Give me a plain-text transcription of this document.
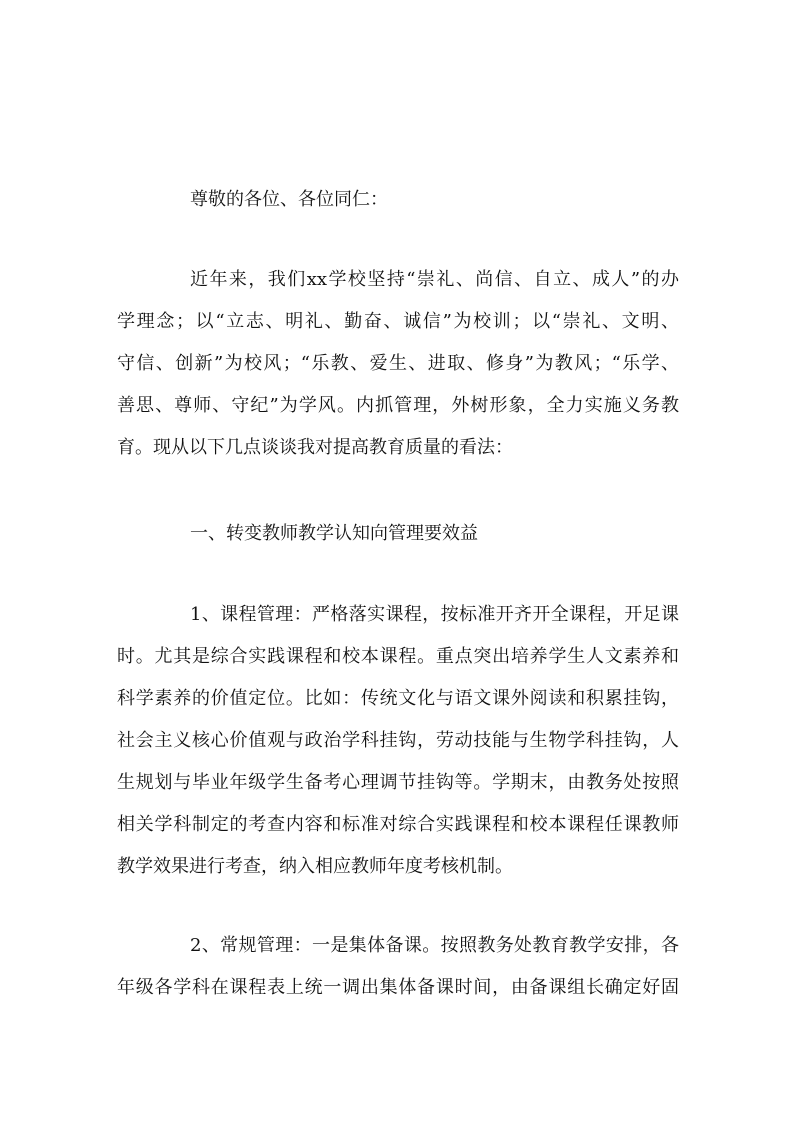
尊敬的各位、各位同仁：
近年来，我们xx学校坚持“崇礼、尚信、自立、成人”的办
学理念；以“立志、明礼、勤奋、诚信”为校训；以“崇礼、文明、
守信、创新”为校风；“乐教、爱生、进取、修身”为教风；“乐学、
善思、尊师、守纪”为学风。内抓管理，外树形象，全力实施义务教
育。现从以下几点谈谈我对提高教育质量的看法：
一、转变教师教学认知向管理要效益
1、课程管理：严格落实课程，按标准开齐开全课程，开足课
时。尤其是综合实践课程和校本课程。重点突出培养学生人文素养和
科学素养的价值定位。比如：传统文化与语文课外阅读和积累挂钩，
社会主义核心价值观与政治学科挂钩，劳动技能与生物学科挂钩，人
生规划与毕业年级学生备考心理调节挂钩等。学期末，由教务处按照
相关学科制定的考查内容和标准对综合实践课程和校本课程任课教师
教学效果进行考查，纳入相应教师年度考核机制。
2、常规管理：一是集体备课。按照教务处教育教学安排，各
年级各学科在课程表上统一调出集体备课时间，由备课组长确定好固
